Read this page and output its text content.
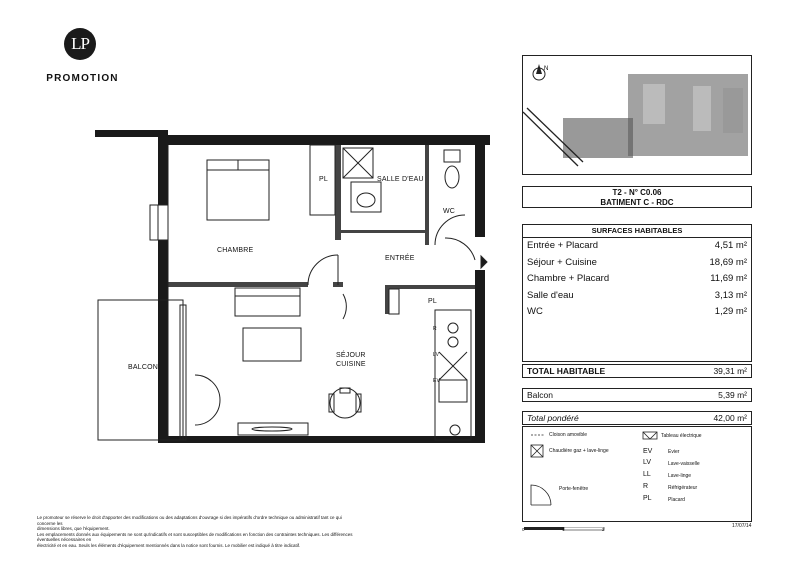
LP
PROMOTION
CHAMBRE
PL	SALLE D'EAU
WC
ENTRÉE
PL
SÉJOUR
CUISINE
BALCON
R
LV
EV
N
T2 - N° C0.06
BATIMENT C - RDC
SURFACES HABITABLES
Entrée + Placard	4,51 m²
Séjour + Cuisine	18,69 m²
Chambre + Placard	11,69 m²
Salle d'eau	3,13 m²
WC	1,29 m²
TOTAL HABITABLE	39,31 m²
Balcon	5,39 m²
Total pondéré	42,00 m²
Cloison amovible
Chaudière gaz + lave-linge
Porte-fenêtre
Tableau électrique
EV	Evier
LV	Lave-vaisselle
LL	Lave-linge
R	Réfrigérateur
PL	Placard
0	1	2
17/07/14
Le promoteur se réserve le droit d'apporter des modifications ou des adaptations d'ouvrage si des impératifs d'ordre technique ou administratif tant ce qui concerne les
dimensions libres, que l'équipement.
Les emplacements donnés aux équipements ne sont qu'indicatifs et sont susceptibles de modifications en fonction des contraintes techniques. Les différences éventuelles nécessaires en
électricité et en eau. Seuls les éléments d'équipement mentionnés dans la notice sont fournis. Le mobilier est indiqué à titre indicatif.
